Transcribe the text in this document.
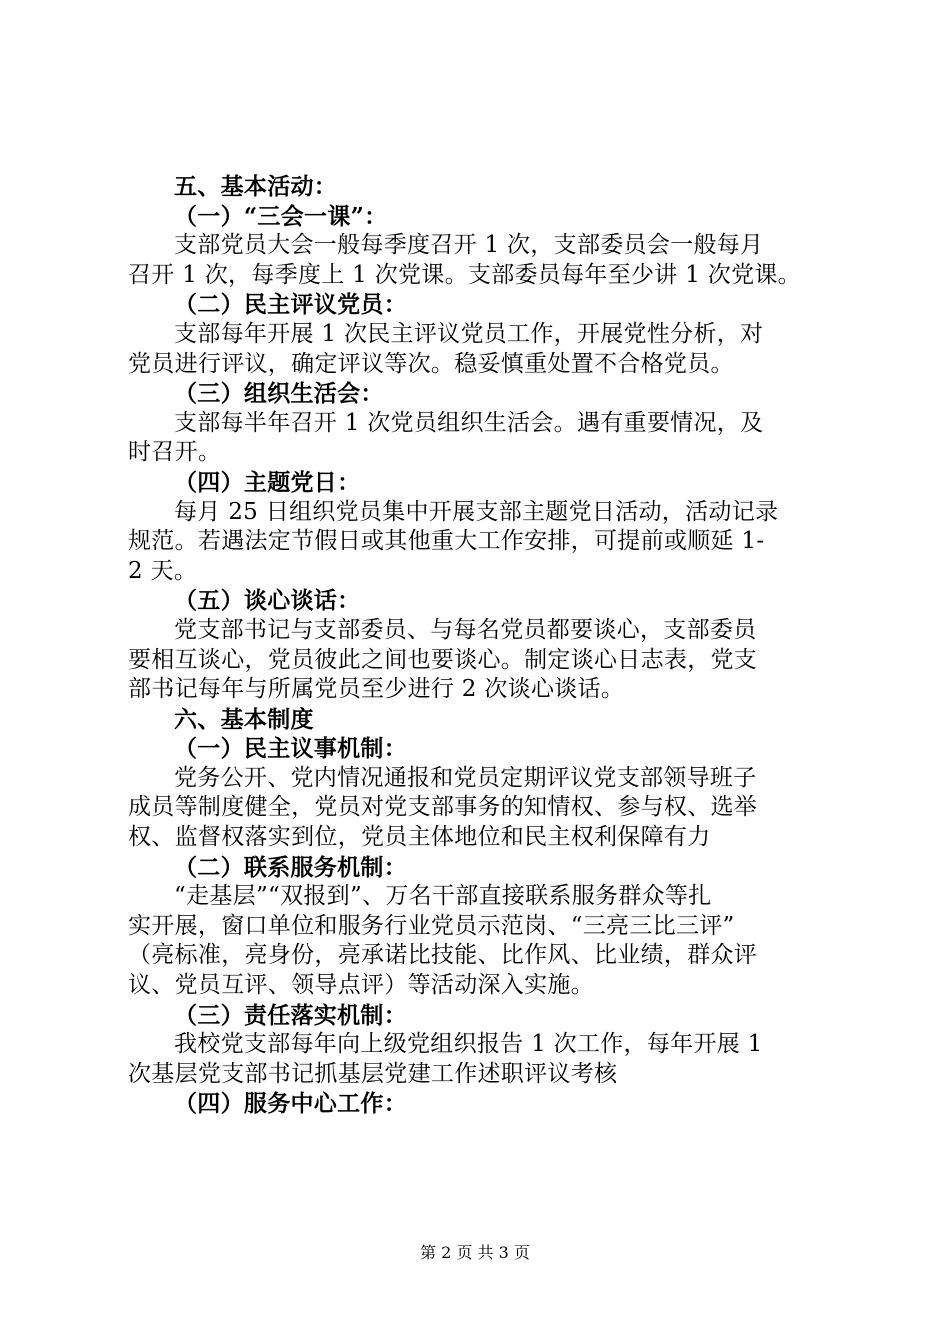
五、基本活动：
（一）“三会一课”：
支部党员大会一般每季度召开 1 次，支部委员会一般每月
召开 1 次，每季度上 1 次党课。支部委员每年至少讲 1 次党课。
（二）民主评议党员：
支部每年开展 1 次民主评议党员工作，开展党性分析，对
党员进行评议，确定评议等次。稳妥慎重处置不合格党员。
（三）组织生活会：
支部每半年召开 1 次党员组织生活会。遇有重要情况，及
时召开。
（四）主题党日：
每月 25 日组织党员集中开展支部主题党日活动，活动记录
规范。若遇法定节假日或其他重大工作安排，可提前或顺延 1-
2 天。
（五）谈心谈话：
党支部书记与支部委员、与每名党员都要谈心，支部委员
要相互谈心，党员彼此之间也要谈心。制定谈心日志表，党支
部书记每年与所属党员至少进行 2 次谈心谈话。
六、基本制度
（一）民主议事机制：
党务公开、党内情况通报和党员定期评议党支部领导班子
成员等制度健全，党员对党支部事务的知情权、参与权、选举
权、监督权落实到位，党员主体地位和民主权利保障有力
（二）联系服务机制：
“走基层”“双报到”、万名干部直接联系服务群众等扎
实开展，窗口单位和服务行业党员示范岗、“三亮三比三评”
（亮标准，亮身份，亮承诺比技能、比作风、比业绩，群众评
议、党员互评、领导点评）等活动深入实施。
（三）责任落实机制：
我校党支部每年向上级党组织报告 1 次工作，每年开展 1
次基层党支部书记抓基层党建工作述职评议考核
（四）服务中心工作：
第 2 页 共 3 页
